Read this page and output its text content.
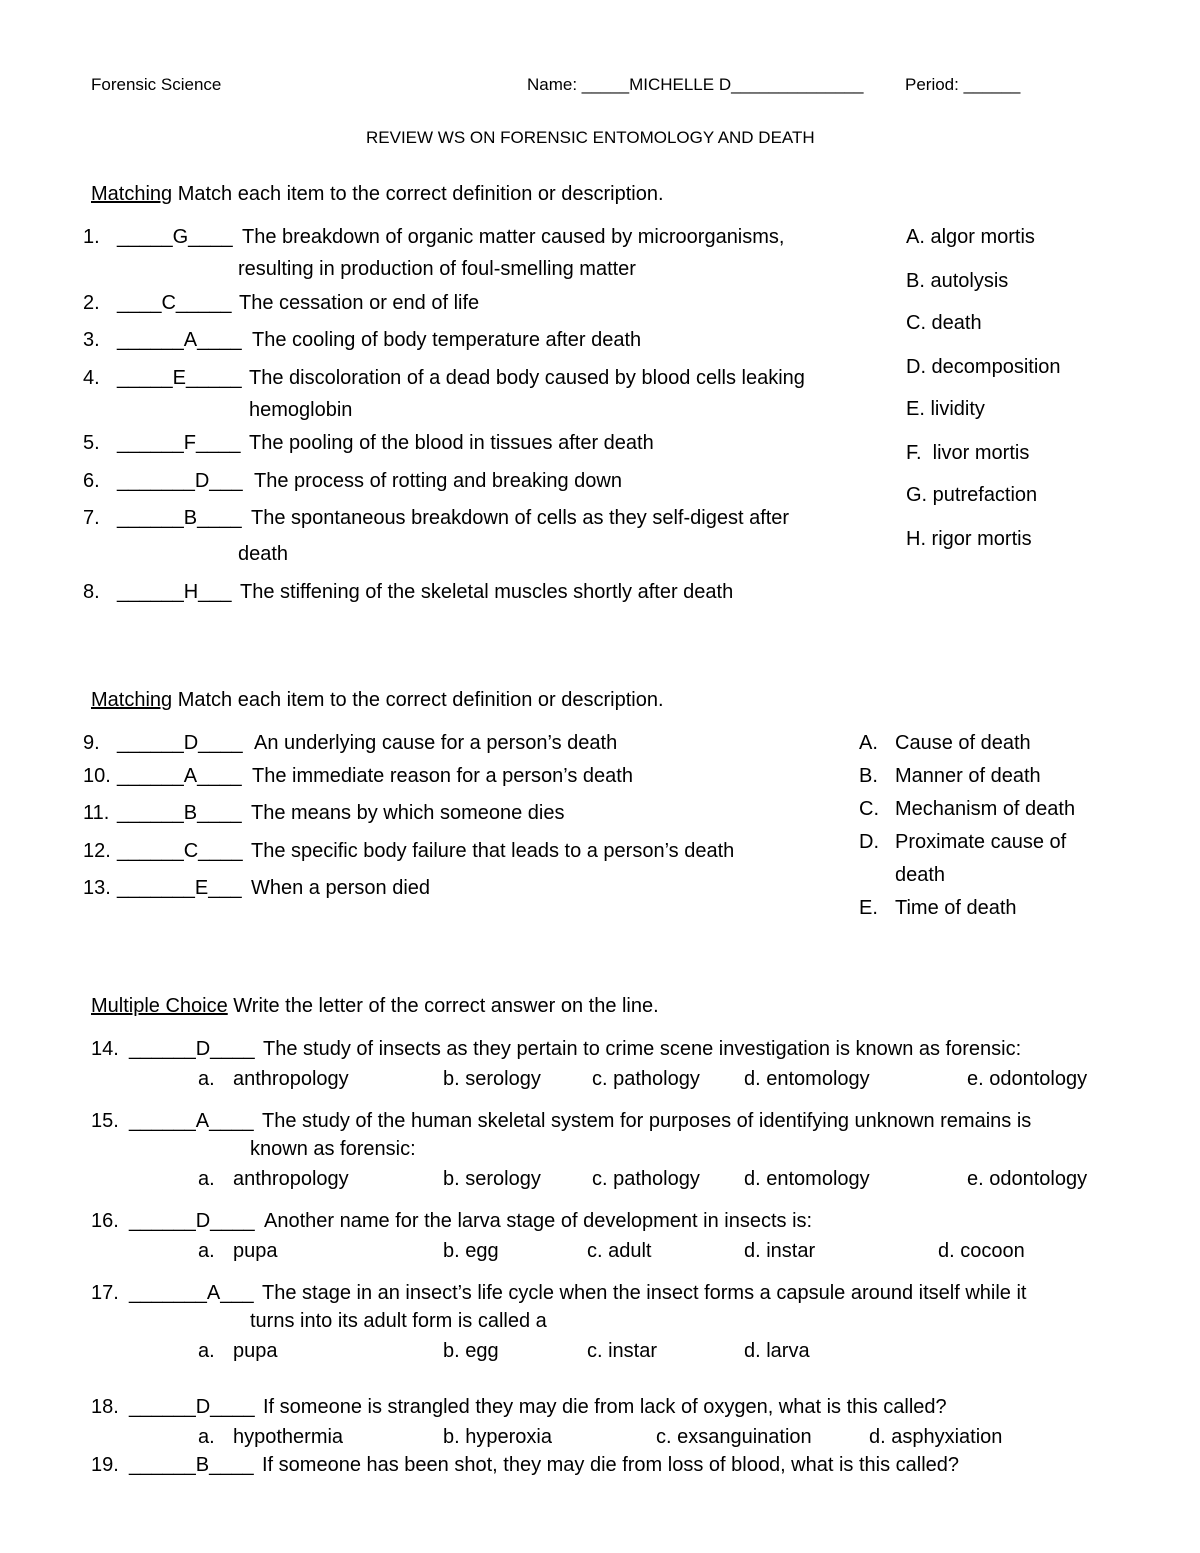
Forensic Science	Name: _____MICHELLE D______________ Period: ______
REVIEW WS ON FORENSIC ENTOMOLOGY AND DEATH
Matching Match each item to the correct definition or description.
1. _____G____ The breakdown of organic matter caused by microorganisms,
resulting in production of foul-smelling matter
2. ____C_____ The cessation or end of life
3. ______A____ The cooling of body temperature after death
4. _____E_____ The discoloration of a dead body caused by blood cells leaking
hemoglobin
5. ______F____ The pooling of the blood in tissues after death
6. _______D___ The process of rotting and breaking down
7. ______B____ The spontaneous breakdown of cells as they self-digest after
death
8. ______H___ The stiffening of the skeletal muscles shortly after death
A. algor mortis
B. autolysis
C. death
D. decomposition
E. lividity
F.  livor mortis
G. putrefaction
H. rigor mortis
Matching Match each item to the correct definition or description.
9. ______D____ An underlying cause for a person’s death
10. ______A____ The immediate reason for a person’s death
11. ______B____ The means by which someone dies
12. ______C____ The specific body failure that leads to a person’s death
13. _______E___ When a person died
A. Cause of death
B. Manner of death
C. Mechanism of death
D. Proximate cause of
death
E. Time of death
Multiple Choice Write the letter of the correct answer on the line.
14. ______D____ The study of insects as they pertain to crime scene investigation is known as forensic:
a. anthropology	b. serology	c. pathology d. entomology	e. odontology
15. ______A____ The study of the human skeletal system for purposes of identifying unknown remains is
known as forensic:
a. anthropology	b. serology	c. pathology d. entomology	e. odontology
16. ______D____ Another name for the larva stage of development in insects is:
a. pupa	b. egg	c. adult	d. instar	d. cocoon
17. _______A___ The stage in an insect’s life cycle when the insect forms a capsule around itself while it
turns into its adult form is called a
a. pupa	b. egg	c. instar	d. larva
18. ______D____ If someone is strangled they may die from lack of oxygen, what is this called?
a. hypothermia	b. hyperoxia	c. exsanguination	d. asphyxiation
19. ______B____ If someone has been shot, they may die from loss of blood, what is this called?
